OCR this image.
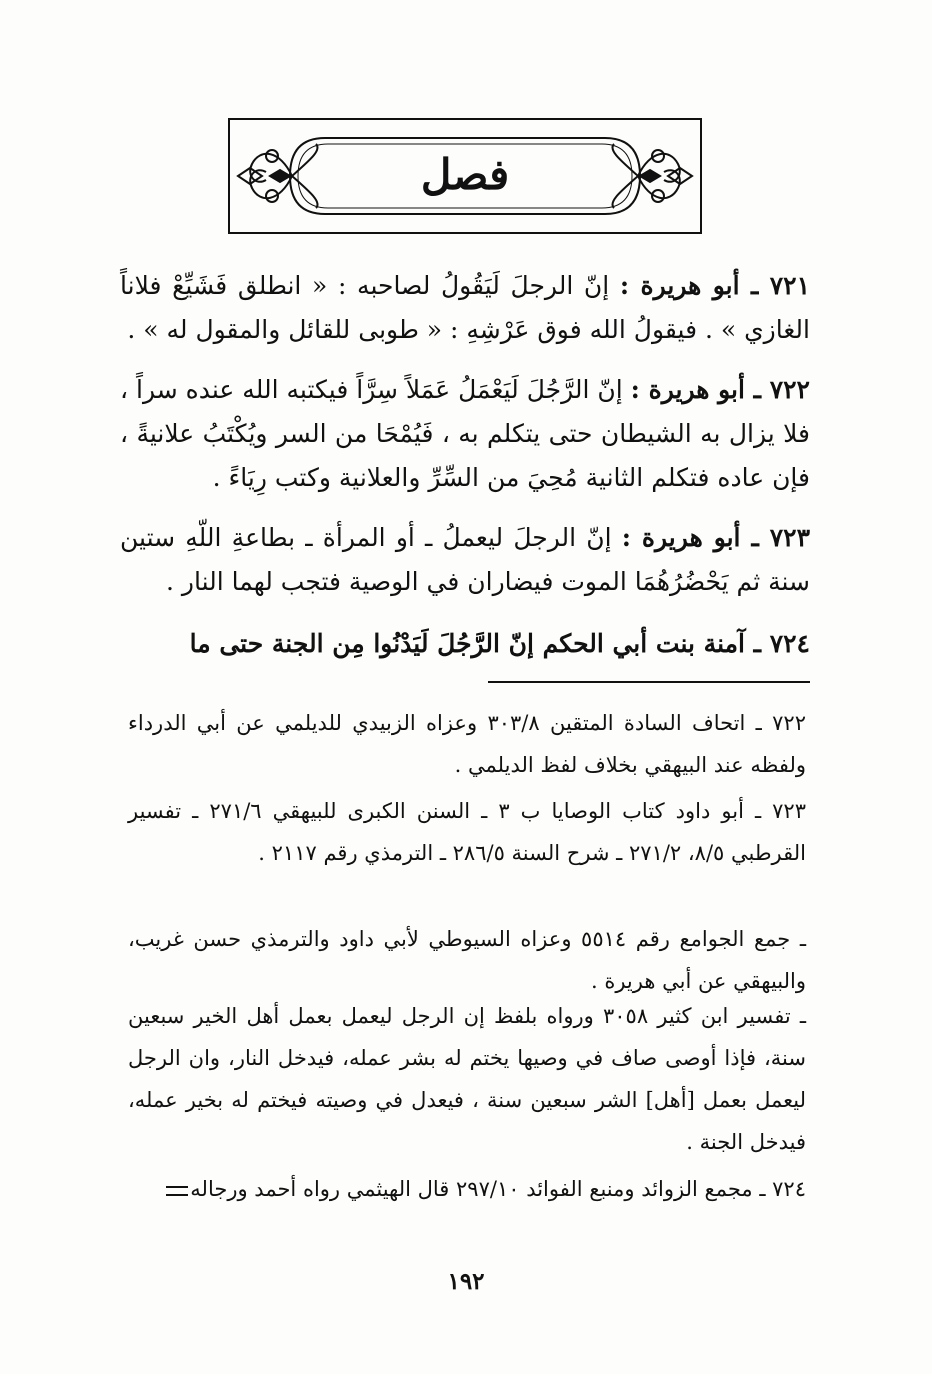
فصل

٧٢١ ـ أبو هريرة : إنّ الرجلَ لَيَقُولُ لصاحبه : « انطلق فَشَيِّعْ فلاناً الغازي » . فيقولُ الله فوق عَرْشِهِ : « طوبى للقائل والمقول له » .

٧٢٢ ـ أبو هريرة : إنّ الرَّجُلَ لَيَعْمَلُ عَمَلاً سِرَّاً فيكتبه الله عنده سراً ، فلا يزال به الشيطان حتى يتكلم به ، فَيُمْحَا من السر ويُكْتَبُ علانيةً ، فإن عاده فتكلم الثانية مُحِيَ من السِّرِّ والعلانية وكتب رِيَاءً .

٧٢٣ ـ أبو هريرة : إنّ الرجلَ ليعملُ ـ أو المرأة ـ بطاعةِ اللّهِ ستين سنة ثم يَحْضُرُهُمَا الموت فيضاران في الوصية فتجب لهما النار .

٧٢٤ ـ آمنة بنت أبي الحكم إنّ الرَّجُلَ لَيَدْنُوا مِن الجنة حتى ما

٧٢٢ ـ اتحاف السادة المتقين ٣٠٣/٨ وعزاه الزبيدي للديلمي عن أبي الدرداء ولفظه عند البيهقي بخلاف لفظ الديلمي .

٧٢٣ ـ أبو داود كتاب الوصايا ب ٣ ـ السنن الكبرى للبيهقي ٢٧١/٦ ـ تفسير القرطبي ٨/٥، ٢٧١/٢ ـ شرح السنة ٢٨٦/٥ ـ الترمذي رقم ٢١١٧ .

ـ جمع الجوامع رقم ٥٥١٤ وعزاه السيوطي لأبي داود والترمذي حسن غريب، والبيهقي عن أبي هريرة .

ـ تفسير ابن كثير ٣٠٥٨ ورواه بلفظ إن الرجل ليعمل بعمل أهل الخير سبعين سنة، فإذا أوصى صاف في وصيها يختم له بشر عمله، فيدخل النار، وان الرجل ليعمل بعمل [أهل] الشر سبعين سنة ، فيعدل في وصيته فيختم له بخير عمله، فيدخل الجنة .

٧٢٤ ـ مجمع الزوائد ومنبع الفوائد ٢٩٧/١٠ قال الهيثمي رواه أحمد ورجاله

١٩٢
